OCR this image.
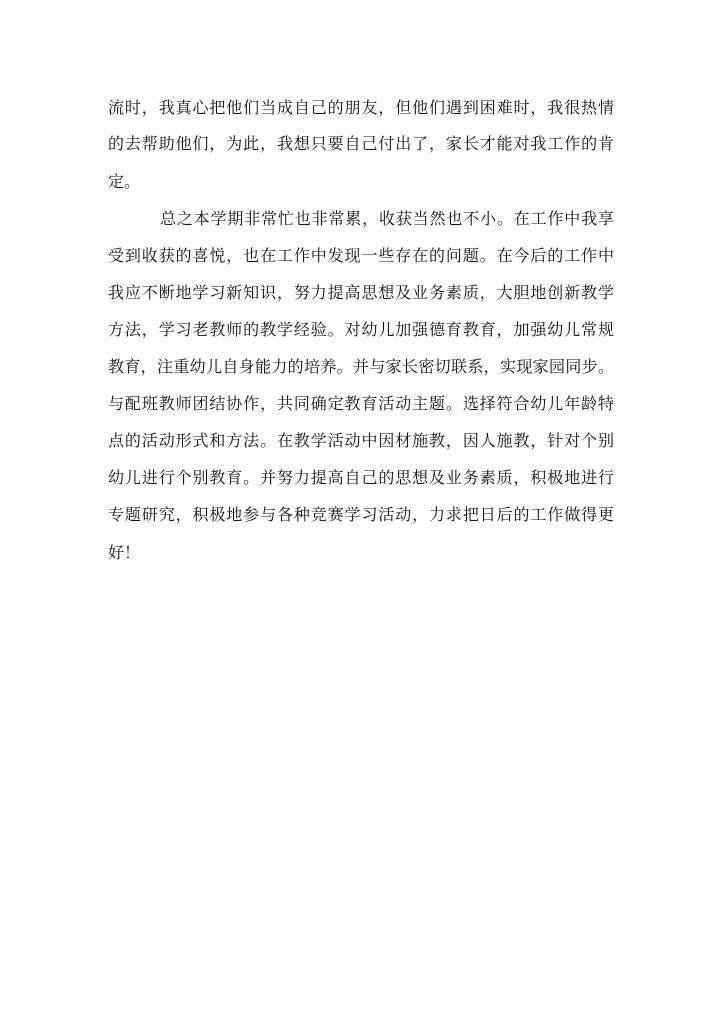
流时，我真心把他们当成自己的朋友，但他们遇到困难时，我很热情
的去帮助他们，为此，我想只要自己付出了，家长才能对我工作的肯
定。
总之本学期非常忙也非常累，收获当然也不小。在工作中我享
受到收获的喜悦，也在工作中发现一些存在的问题。在今后的工作中
我应不断地学习新知识，努力提高思想及业务素质，大胆地创新教学
方法，学习老教师的教学经验。对幼儿加强德育教育，加强幼儿常规
教育，注重幼儿自身能力的培养。并与家长密切联系，实现家园同步。
与配班教师团结协作，共同确定教育活动主题。选择符合幼儿年龄特
点的活动形式和方法。在教学活动中因材施教，因人施教，针对个别
幼儿进行个别教育。并努力提高自己的思想及业务素质，积极地进行
专题研究，积极地参与各种竞赛学习活动，力求把日后的工作做得更
好！
